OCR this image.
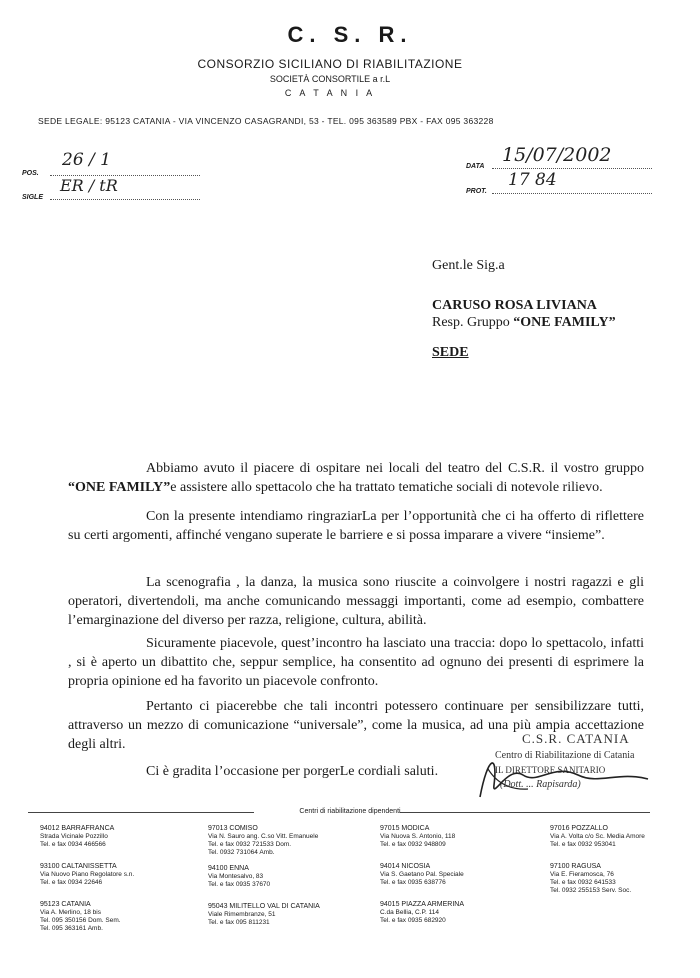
C. S. R.
CONSORZIO SICILIANO DI RIABILITAZIONE
SOCIETÀ CONSORTILE a r.L
C A T A N I A
SEDE LEGALE: 95123 CATANIA - VIA VINCENZO CASAGRANDI, 53 - TEL. 095 363589 PBX - FAX 095 363228
POS.
26 / 1
SIGLE
ER / tR
DATA
15/07/2002
PROT.
17 84
Gent.le Sig.a
CARUSO ROSA LIVIANA
Resp. Gruppo “ONE FAMILY”
SEDE

Abbiamo avuto il piacere di ospitare nei locali del teatro del C.S.R. il vostro gruppo “ONE FAMILY”e assistere allo spettacolo che ha trattato tematiche sociali di notevole rilievo.

Con la presente intendiamo ringraziarLa per l’opportunità che ci ha offerto di riflettere su certi argomenti, affinché vengano superate le barriere e si possa imparare a vivere “insieme”.

La scenografia , la danza, la musica sono riuscite a coinvolgere i nostri ragazzi e gli operatori, divertendoli, ma anche comunicando messaggi importanti, come ad esempio, combattere l’emarginazione del diverso per razza, religione, cultura, abilità.

Sicuramente piacevole, quest’incontro ha lasciato una traccia: dopo lo spettacolo, infatti , si è aperto un dibattito che, seppur semplice, ha consentito ad ognuno dei presenti di esprimere la propria opinione ed ha favorito un piacevole confronto.

Pertanto ci piacerebbe che tali incontri potessero continuare per sensibilizzare tutti, attraverso un mezzo di comunicazione “universale”, come la musica, ad una più ampia accettazione degli altri.

Ci è gradita l’occasione per porgerLe cordiali saluti.
C.S.R. CATANIA
Centro di Riabilitazione di Catania
IL DIRETTORE SANITARIO
(Dott. ... Rapisarda)
Centri di riabilitazione dipendenti
94012 BARRAFRANCA
Strada Vicinale Pozzillo
Tel. e fax 0934 466566
93100 CALTANISSETTA
Via Nuovo Piano Regolatore s.n.
Tel. e fax 0934 22646
95123 CATANIA
Via A. Merlino, 18 bis
Tel. 095 350156 Dom. Sem.
Tel. 095 363161 Amb.
97013 COMISO
Via N. Sauro ang. C.so Vitt. Emanuele
Tel. e fax 0932 721533 Dom.
Tel. 0932 731064 Amb.
94100 ENNA
Via Montesalvo, 83
Tel. e fax 0935 37670
95043 MILITELLO VAL DI CATANIA
Viale Rimembranze, 51
Tel. e fax 095 811231
97015 MODICA
Via Nuova S. Antonio, 118
Tel. e fax 0932 948809
94014 NICOSIA
Via S. Gaetano Pal. Speciale
Tel. e fax 0935 638776
94015 PIAZZA ARMERINA
C.da Bellia, C.P. 114
Tel. e fax 0935 682920
97016 POZZALLO
Via A. Volta c/o Sc. Media Amore
Tel. e fax 0932 953041
97100 RAGUSA
Via E. Fieramosca, 76
Tel. e fax 0932 641533
Tel. 0932 255153 Serv. Soc.
